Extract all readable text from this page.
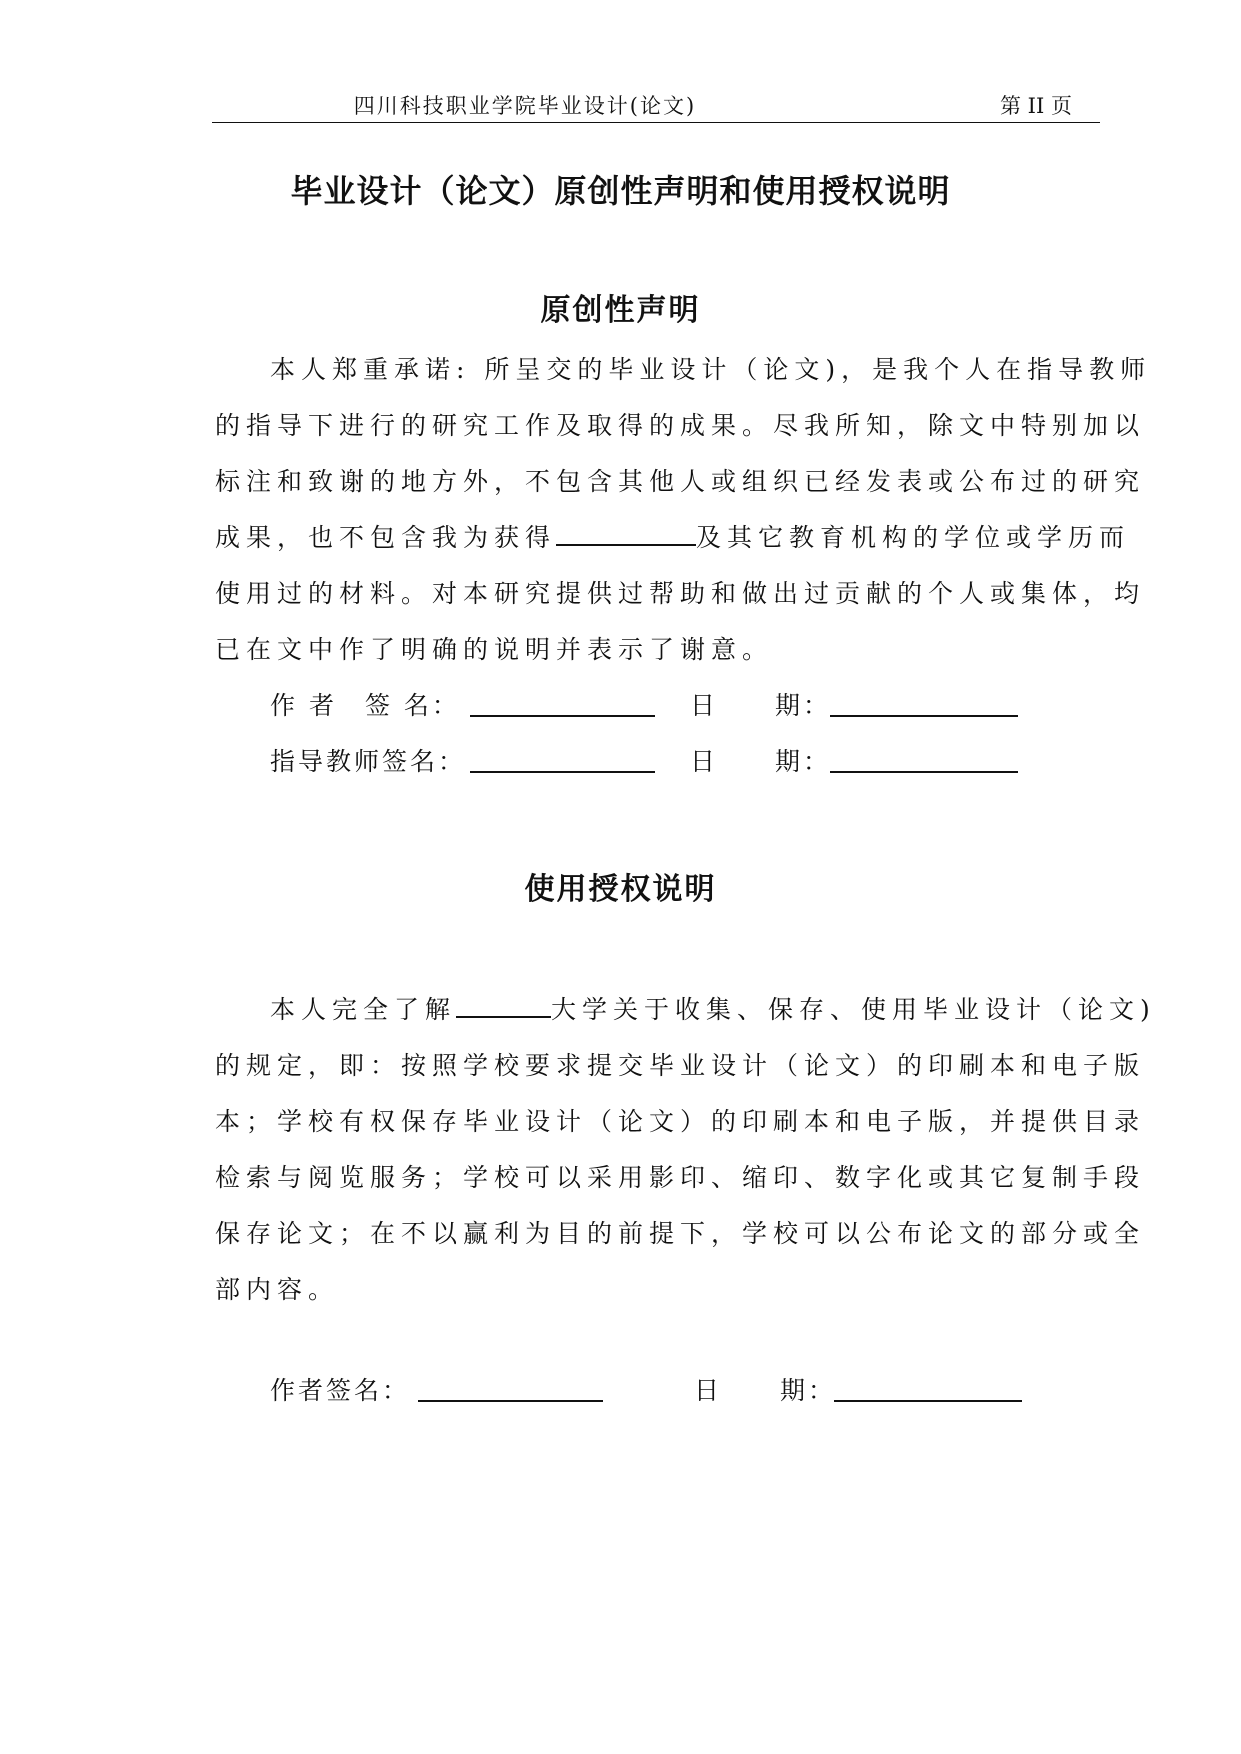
四川科技职业学院毕业设计(论文)	第 II 页
毕业设计（论文）原创性声明和使用授权说明
原创性声明
本人郑重承诺: 所呈交的毕业设计（论文)，是我个人在指导教师
的指导下进行的研究工作及取得的成果。尽我所知，除文中特别加以
标注和致谢的地方外，不包含其他人或组织已经发表或公布过的研究
成果，也不包含我为获得	及其它教育机构的学位或学历而
使用过的材料。对本研究提供过帮助和做出过贡献的个人或集体，均
已在文中作了明确的说明并表示了谢意。
作 者　签 名：	日 期：
指导教师签名：	日 期：
使用授权说明
本人完全了解	大学关于收集、保存、使用毕业设计（论文)
的规定，即：按照学校要求提交毕业设计（论文）的印刷本和电子版
本；学校有权保存毕业设计（论文）的印刷本和电子版，并提供目录
检索与阅览服务；学校可以采用影印、缩印、数字化或其它复制手段
保存论文；在不以赢利为目的前提下，学校可以公布论文的部分或全
部内容。
作者签名：	日 期：
